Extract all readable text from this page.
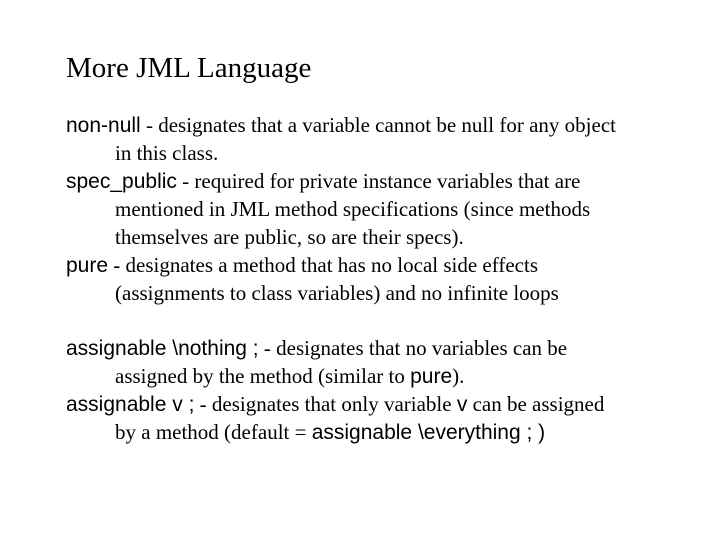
More JML Language
non-null - designates that a variable cannot be null for any object
in this class.
spec_public - required for private instance variables that are
mentioned in JML method specifications (since methods
themselves are public, so are their specs).
pure - designates a method that has no local side effects
(assignments to class variables) and no infinite loops
assignable \nothing ; - designates that no variables can be
assigned by the method (similar to pure).
assignable v ; - designates that only variable v can be assigned
by a method (default = assignable \everything ; )
